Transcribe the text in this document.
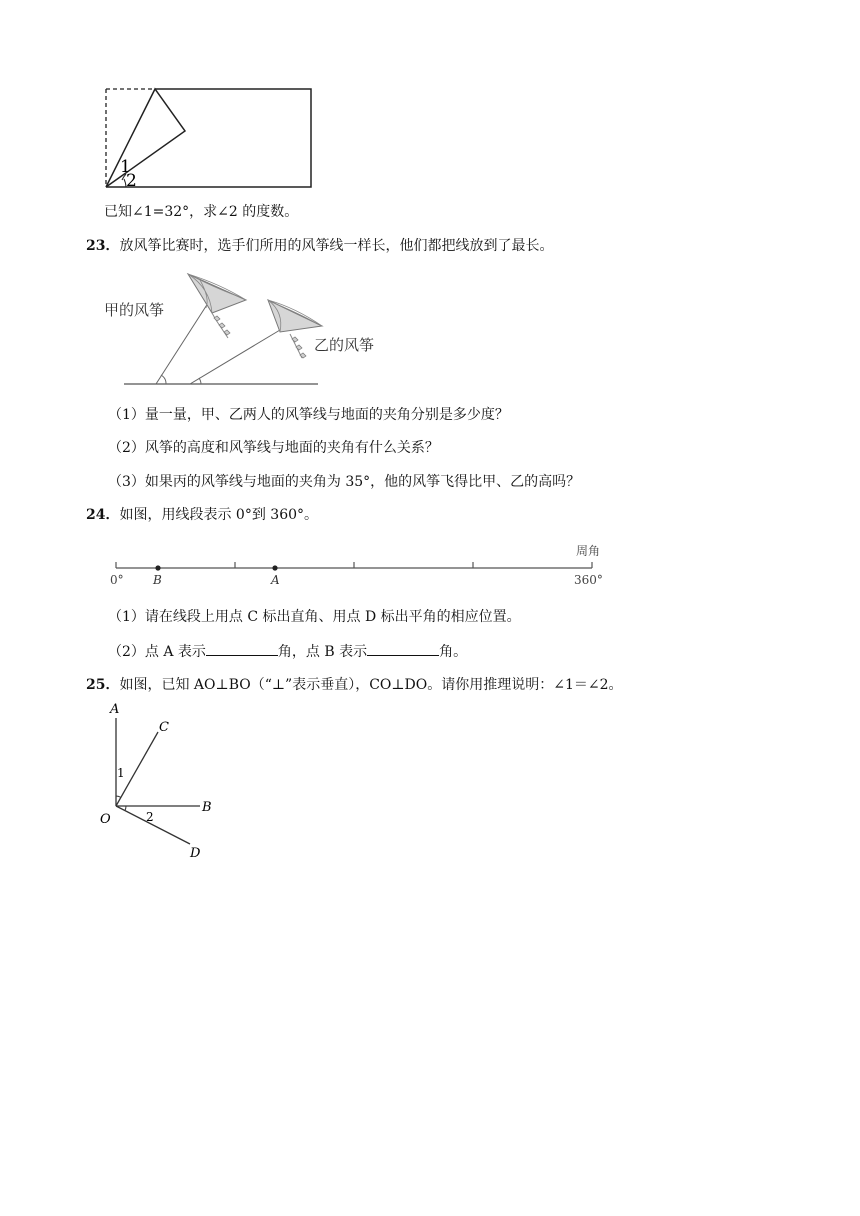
1
2
已知∠1=32°，求∠2 的度数。
23．放风筝比赛时，选手们所用的风筝线一样长，他们都把线放到了最长。
甲的风筝
乙的风筝
（1）量一量，甲、乙两人的风筝线与地面的夹角分别是多少度？
（2）风筝的高度和风筝线与地面的夹角有什么关系？
（3）如果丙的风筝线与地面的夹角为 35°，他的风筝飞得比甲、乙的高吗？
24．如图，用线段表示 0°到 360°。
周角
0° B	A	360°
（1）请在线段上用点 C 标出直角、用点 D 标出平角的相应位置。
（2）点 A 表示	角，点 B 表示	角。
25．如图，已知 AO⊥BO（“⊥”表示垂直），CO⊥DO。请你用推理说明：∠1＝∠2。
A
C
B
D
O
1
2
